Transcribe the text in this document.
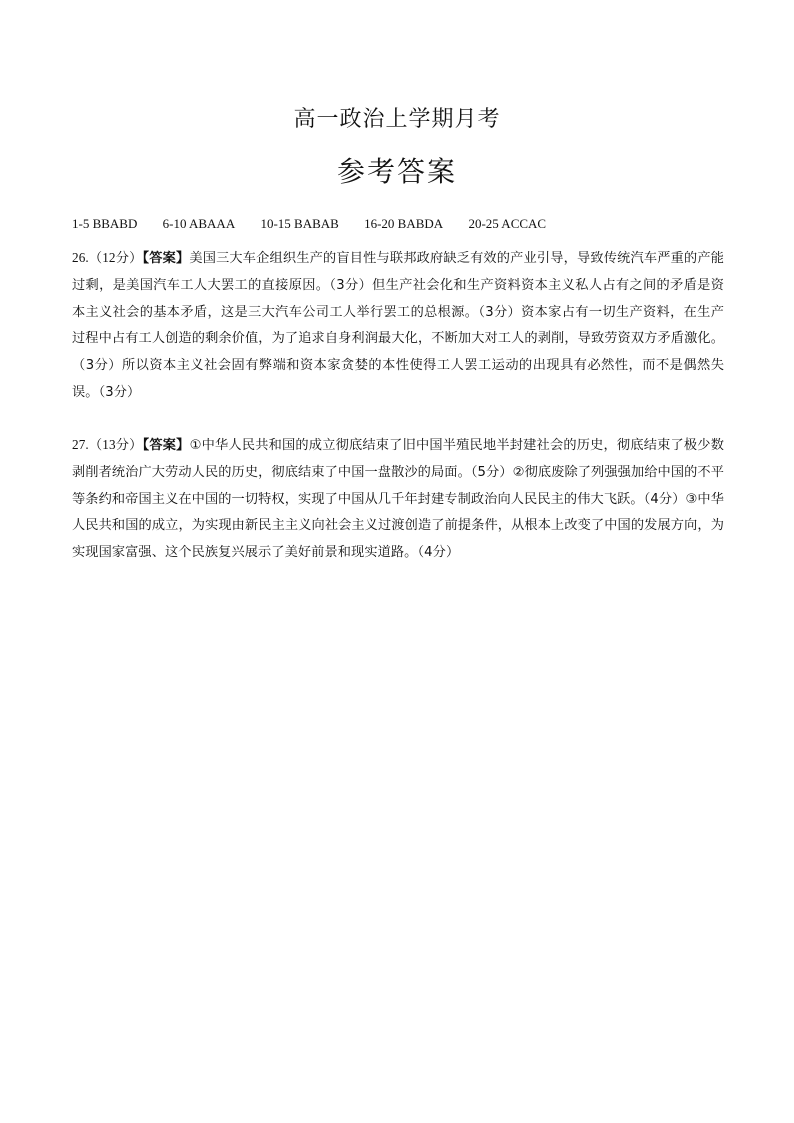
高一政治上学期月考
参考答案
1-5 BBABD 6-10 ABAAA 10-15 BABAB 16-20 BABDA 20-25 ACCAC
26.（12分）【答案】美国三大车企组织生产的盲目性与联邦政府缺乏有效的产业引导，导致传统汽车严重的产能过剩，是美国汽车工人大罢工的直接原因。（3分）但生产社会化和生产资料资本主义私人占有之间的矛盾是资本主义社会的基本矛盾，这是三大汽车公司工人举行罢工的总根源。（3分）资本家占有一切生产资料，在生产过程中占有工人创造的剩余价值，为了追求自身利润最大化，不断加大对工人的剥削，导致劳资双方矛盾激化。（3分）所以资本主义社会固有弊端和资本家贪婪的本性使得工人罢工运动的出现具有必然性，而不是偶然失误。（3分）
27.（13分）【答案】①中华人民共和国的成立彻底结束了旧中国半殖民地半封建社会的历史，彻底结束了极少数剥削者统治广大劳动人民的历史，彻底结束了中国一盘散沙的局面。（5分）②彻底废除了列强强加给中国的不平等条约和帝国主义在中国的一切特权，实现了中国从几千年封建专制政治向人民民主的伟大飞跃。（4分）③中华人民共和国的成立，为实现由新民主主义向社会主义过渡创造了前提条件，从根本上改变了中国的发展方向，为实现国家富强、这个民族复兴展示了美好前景和现实道路。（4分）
